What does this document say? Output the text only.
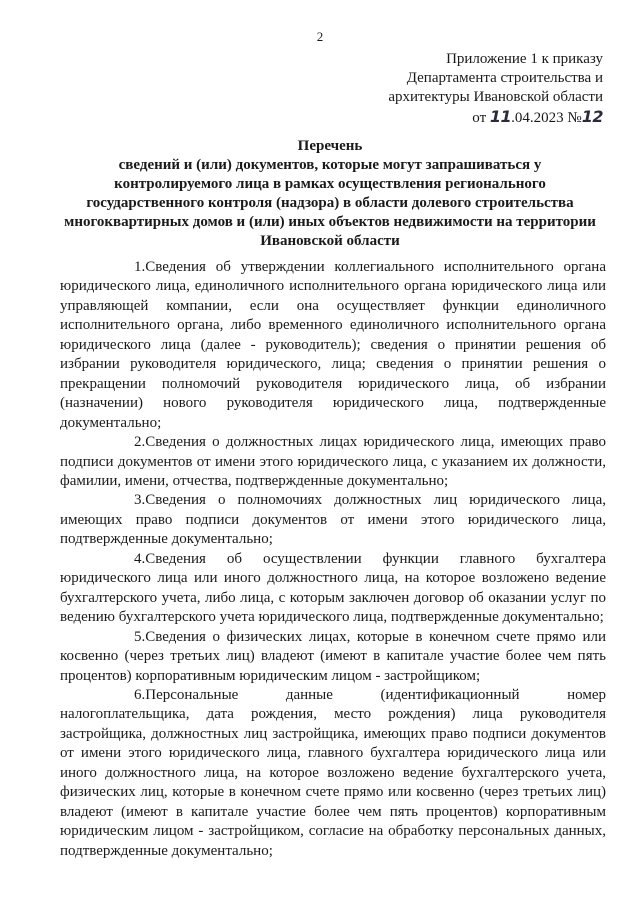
2
Приложение 1 к приказу
Департамента строительства и
архитектуры Ивановской области
от 11.04.2023 №12
Перечень
сведений и (или) документов, которые могут запрашиваться у
контролируемого лица в рамках осуществления регионального
государственного контроля (надзора) в области долевого строительства
многоквартирных домов и (или) иных объектов недвижимости на территории
Ивановской области

1.Сведения об утверждении коллегиального исполнительного органа юридического лица, единоличного исполнительного органа юридического лица или управляющей компании, если она осуществляет функции единоличного исполнительного органа, либо временного единоличного исполнительного органа юридического лица (далее - руководитель); сведения о принятии решения об избрании руководителя юридического, лица; сведения о принятии решения о прекращении полномочий руководителя юридического лица, об избрании (назначении) нового руководителя юридического лица, подтвержденные документально;

2.Сведения о должностных лицах юридического лица, имеющих право подписи документов от имени этого юридического лица, с указанием их должности, фамилии, имени, отчества, подтвержденные документально;

3.Сведения о полномочиях должностных лиц юридического лица, имеющих право подписи документов от имени этого юридического лица, подтвержденные документально;

4.Сведения об осуществлении функции главного бухгалтера юридического лица или иного должностного лица, на которое возложено ведение бухгалтерского учета, либо лица, с которым заключен договор об оказании услуг по ведению бухгалтерского учета юридического лица, подтвержденные документально;

5.Сведения о физических лицах, которые в конечном счете прямо или косвенно (через третьих лиц) владеют (имеют в капитале участие более чем пять процентов) корпоративным юридическим лицом - застройщиком;

6.Персональные данные (идентификационный номер налогоплательщика, дата рождения, место рождения) лица руководителя застройщика, должностных лиц застройщика, имеющих право подписи документов от имени этого юридического лица, главного бухгалтера юридического лица или иного должностного лица, на которое возложено ведение бухгалтерского учета, физических лиц, которые в конечном счете прямо или косвенно (через третьих лиц) владеют (имеют в капитале участие более чем пять процентов) корпоративным юридическим лицом - застройщиком, согласие на обработку персональных данных, подтвержденные документально;
